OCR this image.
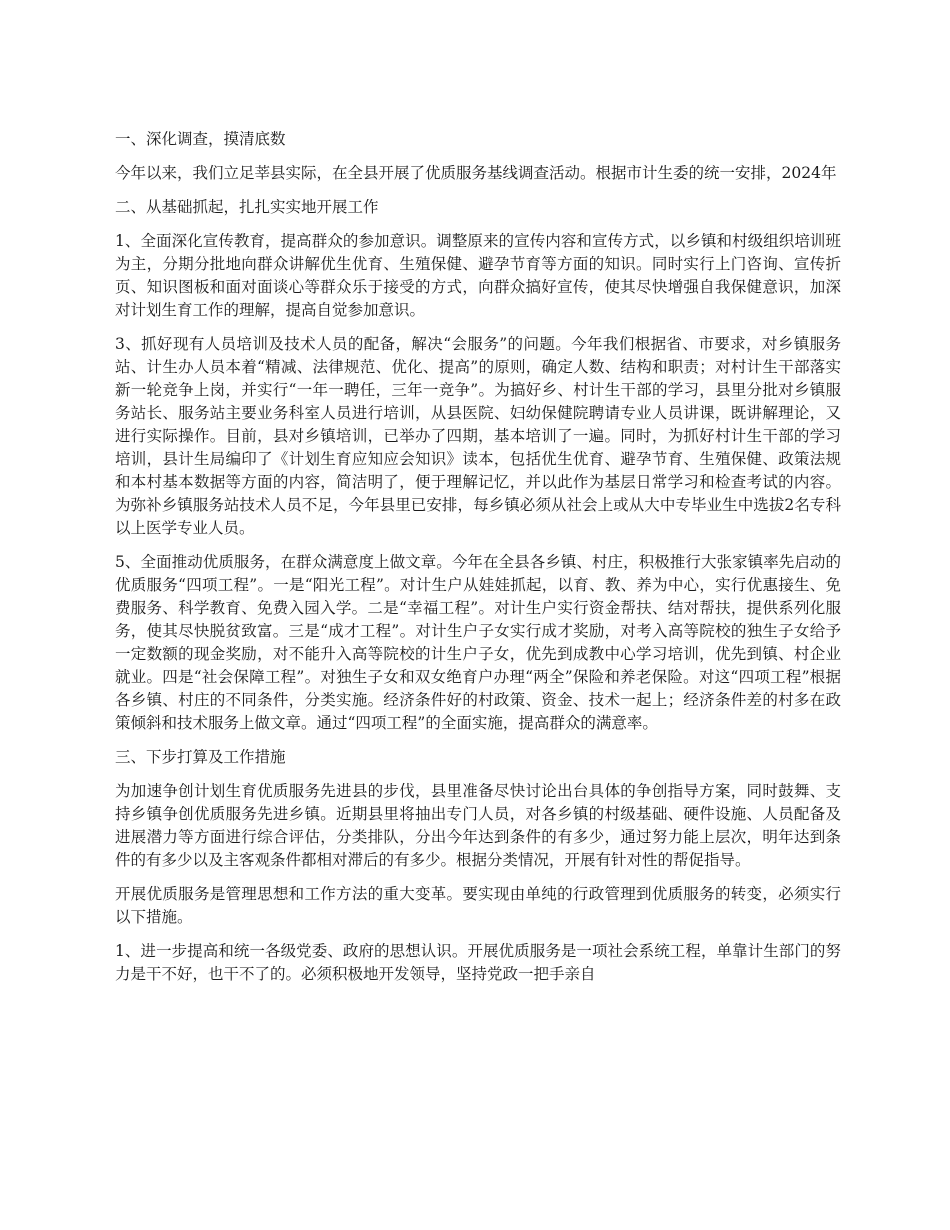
一、深化调查，摸清底数

今年以来，我们立足莘县实际，在全县开展了优质服务基线调查活动。根据市计生委的统一安排，2024年

二、从基础抓起，扎扎实实地开展工作

1、全面深化宣传教育，提高群众的参加意识。调整原来的宣传内容和宣传方式，以乡镇和村级组织培训班为主，分期分批地向群众讲解优生优育、生殖保健、避孕节育等方面的知识。同时实行上门咨询、宣传折页、知识图板和面对面谈心等群众乐于接受的方式，向群众搞好宣传，使其尽快增强自我保健意识，加深对计划生育工作的理解，提高自觉参加意识。

3、抓好现有人员培训及技术人员的配备，解决“会服务”的问题。今年我们根据省、市要求，对乡镇服务站、计生办人员本着“精减、法律规范、优化、提高”的原则，确定人数、结构和职责；对村计生干部落实新一轮竞争上岗，并实行“一年一聘任，三年一竞争”。为搞好乡、村计生干部的学习，县里分批对乡镇服务站长、服务站主要业务科室人员进行培训，从县医院、妇幼保健院聘请专业人员讲课，既讲解理论，又进行实际操作。目前，县对乡镇培训，已举办了四期，基本培训了一遍。同时，为抓好村计生干部的学习培训，县计生局编印了《计划生育应知应会知识》读本，包括优生优育、避孕节育、生殖保健、政策法规和本村基本数据等方面的内容，简洁明了，便于理解记忆，并以此作为基层日常学习和检查考试的内容。为弥补乡镇服务站技术人员不足，今年县里已安排，每乡镇必须从社会上或从大中专毕业生中选拔2名专科以上医学专业人员。

5、全面推动优质服务，在群众满意度上做文章。今年在全县各乡镇、村庄，积极推行大张家镇率先启动的优质服务“四项工程”。一是“阳光工程”。对计生户从娃娃抓起，以育、教、养为中心，实行优惠接生、免费服务、科学教育、免费入园入学。二是“幸福工程”。对计生户实行资金帮扶、结对帮扶，提供系列化服务，使其尽快脱贫致富。三是“成才工程”。对计生户子女实行成才奖励，对考入高等院校的独生子女给予一定数额的现金奖励，对不能升入高等院校的计生户子女，优先到成教中心学习培训，优先到镇、村企业就业。四是“社会保障工程”。对独生子女和双女绝育户办理“两全”保险和养老保险。对这“四项工程”根据各乡镇、村庄的不同条件，分类实施。经济条件好的村政策、资金、技术一起上；经济条件差的村多在政策倾斜和技术服务上做文章。通过“四项工程”的全面实施，提高群众的满意率。

三、下步打算及工作措施

为加速争创计划生育优质服务先进县的步伐，县里准备尽快讨论出台具体的争创指导方案，同时鼓舞、支持乡镇争创优质服务先进乡镇。近期县里将抽出专门人员，对各乡镇的村级基础、硬件设施、人员配备及进展潜力等方面进行综合评估，分类排队，分出今年达到条件的有多少，通过努力能上层次，明年达到条件的有多少以及主客观条件都相对滞后的有多少。根据分类情况，开展有针对性的帮促指导。

开展优质服务是管理思想和工作方法的重大变革。要实现由单纯的行政管理到优质服务的转变，必须实行以下措施。

1、进一步提高和统一各级党委、政府的思想认识。开展优质服务是一项社会系统工程，单靠计生部门的努力是干不好，也干不了的。必须积极地开发领导，坚持党政一把手亲自
